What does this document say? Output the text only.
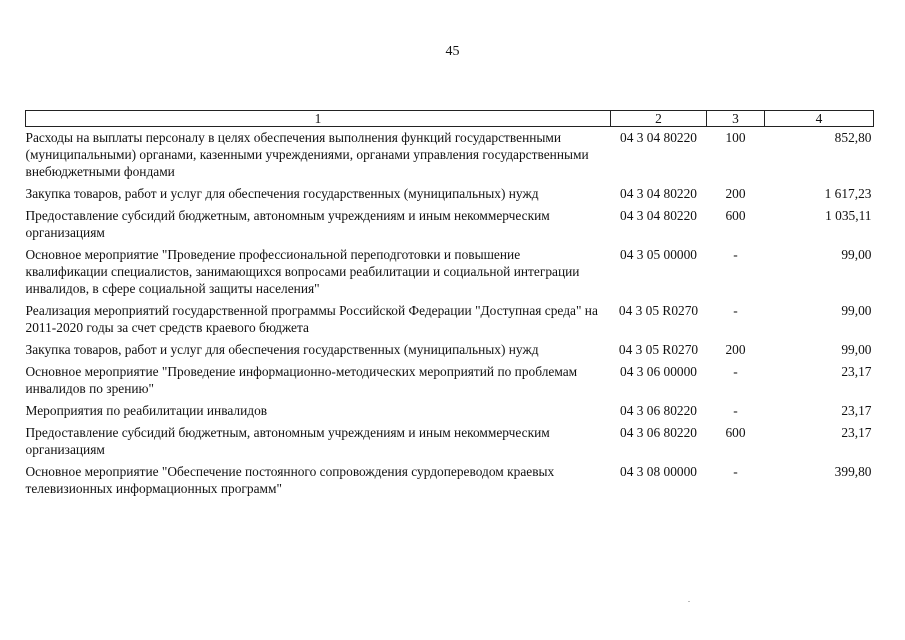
45
1	2	3	4
Расходы на выплаты персоналу в целях обеспечения выполнения функций государственными (муниципальными) органами, казенными учреждениями, органами управления государственными внебюджетными фондами	04 3 04 80220	100	852,80
Закупка товаров, работ и услуг для обеспечения государственных (муниципальных) нужд	04 3 04 80220	200	1 617,23
Предоставление субсидий бюджетным, автономным учреждениям и иным некоммерческим организациям	04 3 04 80220	600	1 035,11
Основное мероприятие "Проведение профессиональной переподготовки и повышение квалификации специалистов, занимающихся вопросами реабилитации и социальной интеграции инвалидов, в сфере социальной защиты населения"	04 3 05 00000	-	99,00
Реализация мероприятий государственной программы Российской Федерации "Доступная среда" на 2011-2020 годы за счет средств краевого бюджета	04 3 05 R0270	-	99,00
Закупка товаров, работ и услуг для обеспечения государственных (муниципальных) нужд	04 3 05 R0270	200	99,00
Основное мероприятие "Проведение информационно-методических мероприятий по проблемам инвалидов по зрению"	04 3 06 00000	-	23,17
Мероприятия по реабилитации инвалидов	04 3 06 80220	-	23,17
Предоставление субсидий бюджетным, автономным учреждениям и иным некоммерческим организациям	04 3 06 80220	600	23,17
Основное мероприятие "Обеспечение постоянного сопровождения сурдопереводом краевых телевизионных информационных программ"	04 3 08 00000	-	399,80
